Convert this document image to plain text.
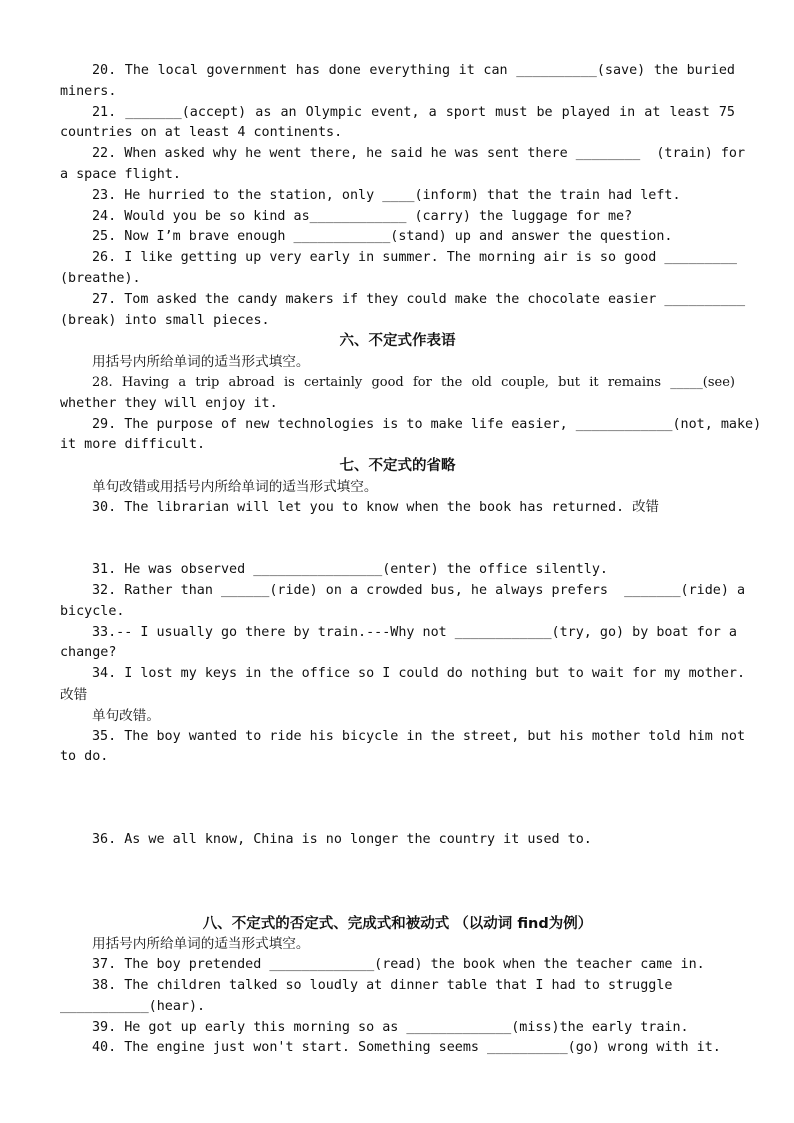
20. The local government has done everything it can __________(save) the buried
miners.
21. _______(accept) as an Olympic event, a sport must be played in at least 75
countries on at least 4 continents.
22. When asked why he went there, he said he was sent there ________  (train) for
a space flight.
23. He hurried to the station, only ____(inform) that the train had left.
24. Would you be so kind as____________ (carry) the luggage for me?
25. Now I’m brave enough ____________(stand) up and answer the question.
26. I like getting up very early in summer. The morning air is so good _________
(breathe).
27. Tom asked the candy makers if they could make the chocolate easier __________
(break) into small pieces.
六、不定式作表语
用括号内所给单词的适当形式填空。
28. Having a trip abroad is certainly good for the old couple, but it remains _____(see)
whether they will enjoy it.
29. The purpose of new technologies is to make life easier, ____________(not, make)
it more difficult.
七、不定式的省略
单句改错或用括号内所给单词的适当形式填空。
30. The librarian will let you to know when the book has returned. 改错
31. He was observed ________________(enter) the office silently.
32. Rather than ______(ride) on a crowded bus, he always prefers  _______(ride) a
bicycle.
33.-- I usually go there by train.---Why not ____________(try, go) by boat for a
change?
34. I lost my keys in the office so I could do nothing but to wait for my mother.
改错
单句改错。
35. The boy wanted to ride his bicycle in the street, but his mother told him not
to do.
36. As we all know, China is no longer the country it used to.
八、不定式的否定式、完成式和被动式 （以动词 find为例）
用括号内所给单词的适当形式填空。
37. The boy pretended _____________(read) the book when the teacher came in.
38. The children talked so loudly at dinner table that I had to struggle
___________(hear).
39. He got up early this morning so as _____________(miss)the early train.
40. The engine just won't start. Something seems __________(go) wrong with it.
